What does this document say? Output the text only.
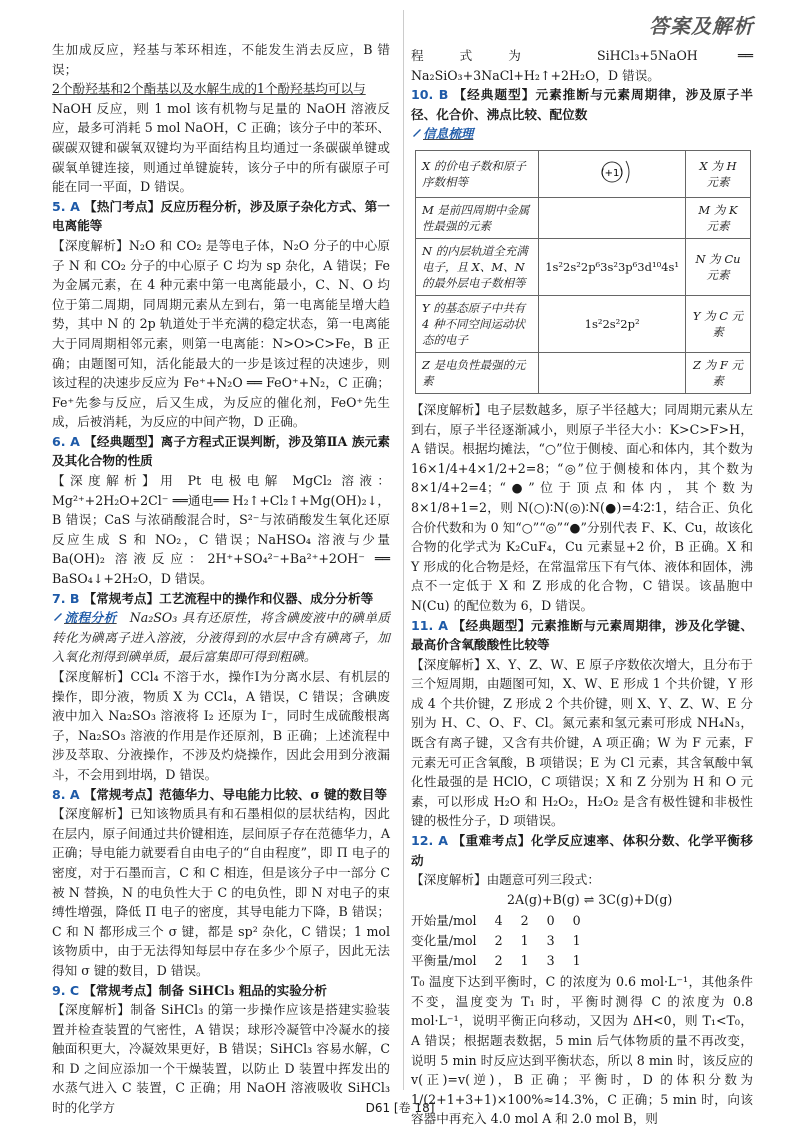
答案及解析

生加成反应，羟基与苯环相连，不能发生消去反应，B 错误；

2个酚羟基和2个酯基以及水解生成的1个酚羟基均可以与

NaOH 反应，则 1 mol 该有机物与足量的 NaOH 溶液反应，最多可消耗 5 mol NaOH，C 正确；该分子中的苯环、碳碳双键和碳氧双键均为平面结构且均通过一条碳碳单键或碳氧单键连接，则通过单键旋转，该分子中的所有碳原子可能在同一平面，D 错误。

5. A 【热门考点】反应历程分析，涉及原子杂化方式、第一电离能等

【深度解析】N₂O 和 CO₂ 是等电子体，N₂O 分子的中心原子 N 和 CO₂ 分子的中心原子 C 均为 sp 杂化，A 错误；Fe 为金属元素，在 4 种元素中第一电离能最小，C、N、O 均位于第二周期，同周期元素从左到右，第一电离能呈增大趋势，其中 N 的 2p 轨道处于半充满的稳定状态，第一电离能大于同周期相邻元素，则第一电离能：N>O>C>Fe，B 正确；由题图可知，活化能最大的一步是该过程的决速步，则该过程的决速步反应为 Fe⁺+N₂O ══ FeO⁺+N₂，C 正确；Fe⁺先参与反应，后又生成，为反应的催化剂，FeO⁺先生成，后被消耗，为反应的中间产物，D 正确。

6. A 【经典题型】离子方程式正误判断，涉及第ⅡA 族元素及其化合物的性质

【深度解析】用 Pt 电极电解 MgCl₂ 溶液：Mg²⁺+2H₂O+2Cl⁻ ══通电══ H₂↑+Cl₂↑+Mg(OH)₂↓，B 错误；CaS 与浓硝酸混合时，S²⁻与浓硝酸发生氧化还原反应生成 S 和 NO₂，C 错误；NaHSO₄ 溶液与少量 Ba(OH)₂ 溶液反应：2H⁺+SO₄²⁻+Ba²⁺+2OH⁻ ══ BaSO₄↓+2H₂O，D 错误。

7. B 【常规考点】工艺流程中的操作和仪器、成分分析等

流程分析　 Na₂SO₃ 具有还原性，将含碘废液中的碘单质转化为碘离子进入溶液，分液得到的水层中含有碘离子，加入氧化剂得到碘单质，最后富集即可得到粗碘。

【深度解析】CCl₄ 不溶于水，操作Ⅰ为分离水层、有机层的操作，即分液，物质 X 为 CCl₄，A 错误，C 错误；含碘废液中加入 Na₂SO₃ 溶液将 I₂ 还原为 I⁻，同时生成硫酸根离子，Na₂SO₃ 溶液的作用是作还原剂，B 正确；上述流程中涉及萃取、分液操作，不涉及灼烧操作，因此会用到分液漏斗，不会用到坩埚，D 错误。

8. A 【常规考点】范德华力、导电能力比较、σ 键的数目等

【深度解析】已知该物质具有和石墨相似的层状结构，因此在层内，原子间通过共价键相连，层间原子存在范德华力，A 正确；导电能力就要看自由电子的“自由程度”，即 Π 电子的密度，对于石墨而言，C 和 C 相连，但是该分子中一部分 C 被 N 替换，N 的电负性大于 C 的电负性，即 N 对电子的束缚性增强，降低 Π 电子的密度，其导电能力下降，B 错误；C 和 N 都形成三个 σ 键，都是 sp² 杂化，C 错误；1 mol 该物质中，由于无法得知每层中存在多少个原子，因此无法得知 σ 键的数目，D 错误。

9. C 【常规考点】制备 SiHCl₃ 粗品的实验分析

【深度解析】制备 SiHCl₃ 的第一步操作应该是搭建实验装置并检查装置的气密性，A 错误；球形冷凝管中冷凝水的接触面积更大，冷凝效果更好，B 错误；SiHCl₃ 容易水解，C 和 D 之间应添加一个干燥装置，以防止 D 装置中挥发出的水蒸气进入 C 装置，C 正确；用 NaOH 溶液吸收 SiHCl₃ 时的化学方

程式为 SiHCl₃+5NaOH ══ Na₂SiO₃+3NaCl+H₂↑+2H₂O，D 错误。

10. B 【经典题型】元素推断与元素周期律，涉及原子半径、化合价、沸点比较、配位数

信息梳理

X 的价电子数和原子序数相等	(+1)	X 为 H 元素
M 是前四周期中金属性最强的元素		M 为 K 元素
N 的内层轨道全充满电子，且 X、M、N 的最外层电子数相等	1s²2s²2p⁶3s²3p⁶3d¹⁰4s¹	N 为 Cu 元素
Y 的基态原子中共有 4 种不同空间运动状态的电子	1s²2s²2p²	Y 为 C 元素
Z 是电负性最强的元素		Z 为 F 元素

【深度解析】电子层数越多，原子半径越大；同周期元素从左到右，原子半径逐渐减小，则原子半径大小：K>C>F>H，A 错误。根据均摊法，“○”位于侧棱、面心和体内，其个数为 16×1/4+4×1/2+2=8；“◎”位于侧棱和体内，其个数为 8×1/4+2=4；“●”位于顶点和体内，其个数为 8×1/8+1=2，则 N(○)∶N(◎)∶N(●)=4∶2∶1，结合正、负化合价代数和为 0 知“○”“◎”“●”分别代表 F、K、Cu，故该化合物的化学式为 K₂CuF₄，Cu 元素显+2 价，B 正确。X 和 Y 形成的化合物是烃，在常温常压下有气体、液体和固体，沸点不一定低于 X 和 Z 形成的化合物，C 错误。该晶胞中 N(Cu) 的配位数为 6，D 错误。

11. A 【经典题型】元素推断与元素周期律，涉及化学键、最高价含氧酸酸性比较等

【深度解析】X、Y、Z、W、E 原子序数依次增大，且分布于三个短周期，由题图可知，X、W、E 形成 1 个共价键，Y 形成 4 个共价键，Z 形成 2 个共价键，则 X、Y、Z、W、E 分别为 H、C、O、F、Cl。氮元素和氢元素可形成 NH₄N₃，既含有离子键，又含有共价键，A 项正确；W 为 F 元素，F 元素无可正含氧酸，B 项错误；E 为 Cl 元素，其含氧酸中氧化性最强的是 HClO，C 项错误；X 和 Z 分别为 H 和 O 元素，可以形成 H₂O 和 H₂O₂，H₂O₂ 是含有极性键和非极性键的极性分子，D 项错误。

12. A 【重难考点】化学反应速率、体积分数、化学平衡移动

【深度解析】由题意可列三段式：

2A(g)+B(g) ⇌ 3C(g)+D(g)

开始量/mol	4	2	0	0
变化量/mol	2	1	3	1
平衡量/mol	2	1	3	1

T₀ 温度下达到平衡时，C 的浓度为 0.6 mol·L⁻¹，其他条件不变，温度变为 T₁ 时，平衡时测得 C 的浓度为 0.8 mol·L⁻¹，说明平衡正向移动，又因为 ΔH<0，则 T₁<T₀，A 错误；根据题表数据，5 min 后气体物质的量不再改变，说明 5 min 时反应达到平衡状态，所以 8 min 时，该反应的 v(正)=v(逆)，B 正确；平衡时，D 的体积分数为 1/(2+1+3+1)×100%≈14.3%，C 正确；5 min 时，向该容器中再充入 4.0 mol A 和 2.0 mol B，则

D61 [卷 18]
